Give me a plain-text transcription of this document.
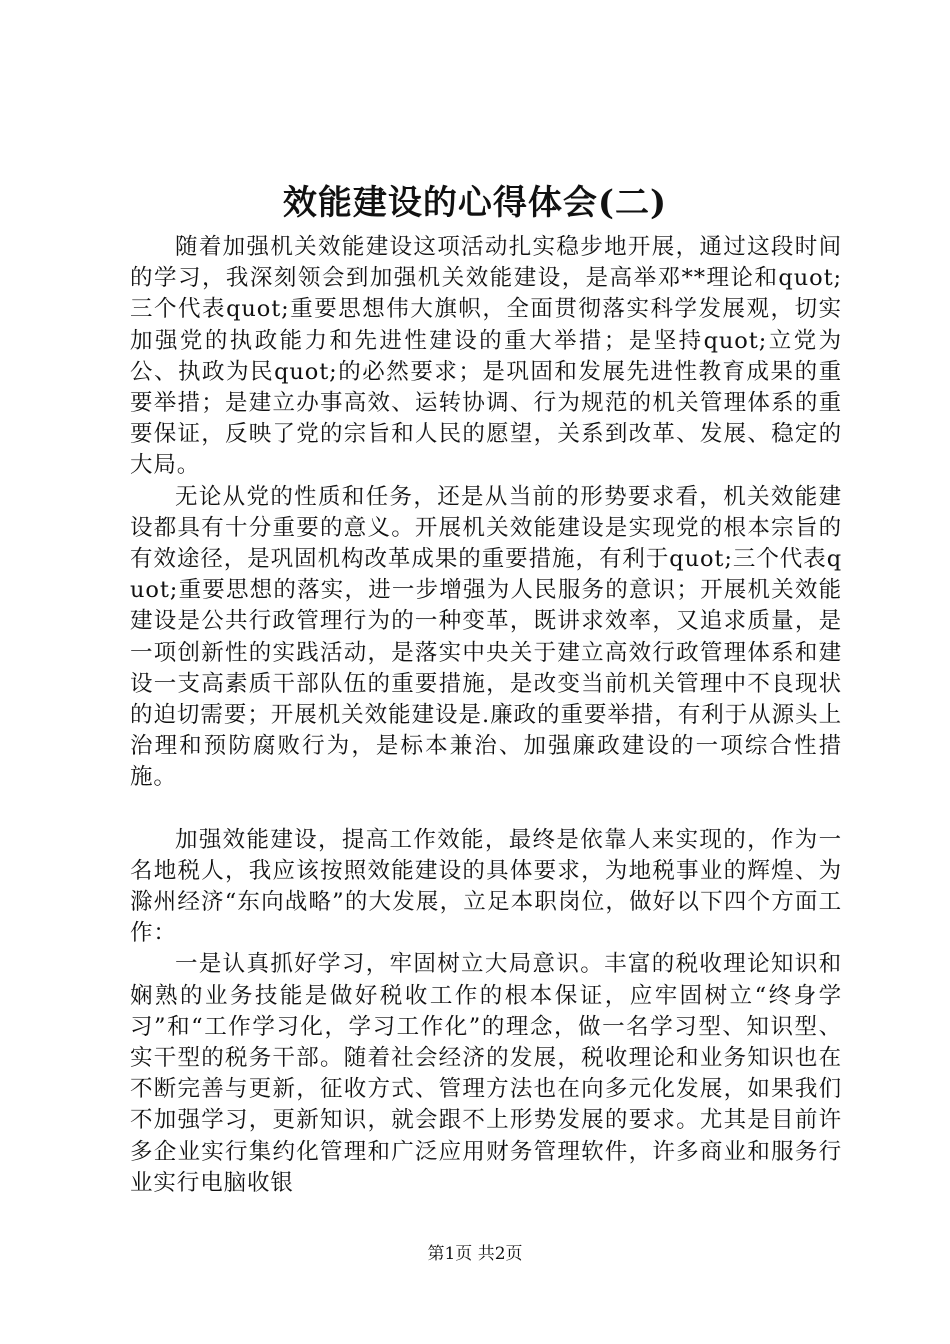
效能建设的心得体会(二)

随着加强机关效能建设这项活动扎实稳步地开展，通过这段时间的学习，我深刻领会到加强机关效能建设，是高举邓**理论和quot;三个代表quot;重要思想伟大旗帜，全面贯彻落实科学发展观，切实加强党的执政能力和先进性建设的重大举措；是坚持quot;立党为公、执政为民quot;的必然要求；是巩固和发展先进性教育成果的重要举措；是建立办事高效、运转协调、行为规范的机关管理体系的重要保证，反映了党的宗旨和人民的愿望，关系到改革、发展、稳定的大局。

无论从党的性质和任务，还是从当前的形势要求看，机关效能建设都具有十分重要的意义。开展机关效能建设是实现党的根本宗旨的有效途径，是巩固机构改革成果的重要措施，有利于quot;三个代表quot;重要思想的落实，进一步增强为人民服务的意识；开展机关效能建设是公共行政管理行为的一种变革，既讲求效率，又追求质量，是一项创新性的实践活动，是落实中央关于建立高效行政管理体系和建设一支高素质干部队伍的重要措施，是改变当前机关管理中不良现状的迫切需要；开展机关效能建设是.廉政的重要举措，有利于从源头上治理和预防腐败行为，是标本兼治、加强廉政建设的一项综合性措施。

加强效能建设，提高工作效能，最终是依靠人来实现的，作为一名地税人，我应该按照效能建设的具体要求，为地税事业的辉煌、为滁州经济“东向战略”的大发展，立足本职岗位，做好以下四个方面工作：

一是认真抓好学习，牢固树立大局意识。丰富的税收理论知识和娴熟的业务技能是做好税收工作的根本保证，应牢固树立“终身学习”和“工作学习化，学习工作化”的理念，做一名学习型、知识型、实干型的税务干部。随着社会经济的发展，税收理论和业务知识也在不断完善与更新，征收方式、管理方法也在向多元化发展，如果我们不加强学习，更新知识，就会跟不上形势发展的要求。尤其是目前许多企业实行集约化管理和广泛应用财务管理软件，许多商业和服务行业实行电脑收银

第1页 共2页
